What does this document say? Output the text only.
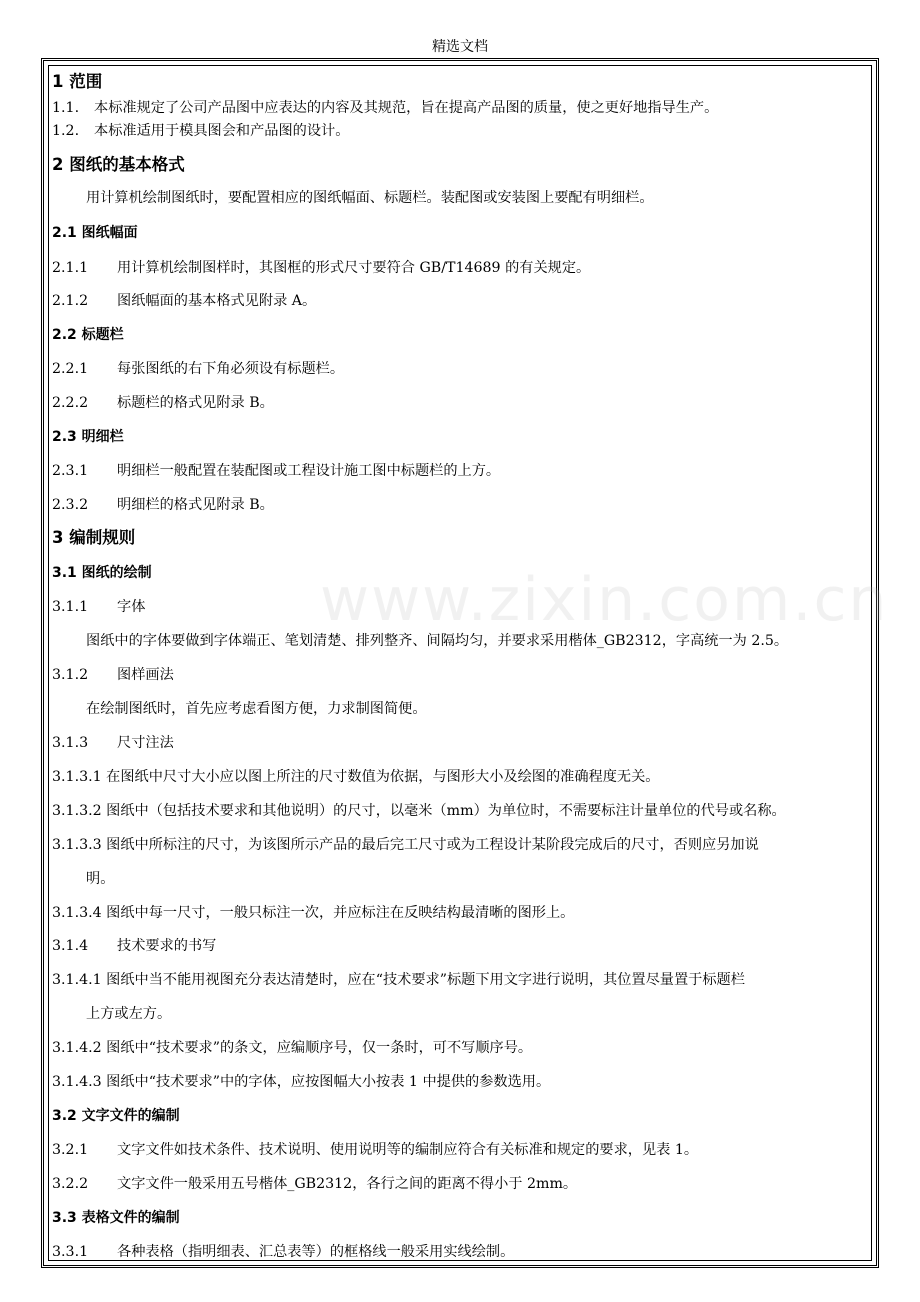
精选文档
www.zixin.com.cn
1 范围
1.1. 本标准规定了公司产品图中应表达的内容及其规范，旨在提高产品图的质量，使之更好地指导生产。
1.2. 本标准适用于模具图会和产品图的设计。
2 图纸的基本格式
用计算机绘制图纸时，要配置相应的图纸幅面、标题栏。装配图或安装图上要配有明细栏。
2.1 图纸幅面
2.1.1 用计算机绘制图样时，其图框的形式尺寸要符合 GB/T14689 的有关规定。
2.1.2 图纸幅面的基本格式见附录 A。
2.2 标题栏
2.2.1 每张图纸的右下角必须设有标题栏。
2.2.2 标题栏的格式见附录 B。
2.3 明细栏
2.3.1 明细栏一般配置在装配图或工程设计施工图中标题栏的上方。
2.3.2 明细栏的格式见附录 B。
3 编制规则
3.1 图纸的绘制
3.1.1 字体
图纸中的字体要做到字体端正、笔划清楚、排列整齐、间隔均匀，并要求采用楷体_GB2312，字高统一为 2.5。
3.1.2 图样画法
在绘制图纸时，首先应考虑看图方便，力求制图简便。
3.1.3 尺寸注法
3.1.3.1 在图纸中尺寸大小应以图上所注的尺寸数值为依据，与图形大小及绘图的准确程度无关。
3.1.3.2 图纸中（包括技术要求和其他说明）的尺寸，以毫米（mm）为单位时，不需要标注计量单位的代号或名称。
3.1.3.3 图纸中所标注的尺寸，为该图所示产品的最后完工尺寸或为工程设计某阶段完成后的尺寸，否则应另加说
明。
3.1.3.4 图纸中每一尺寸，一般只标注一次，并应标注在反映结构最清晰的图形上。
3.1.4 技术要求的书写
3.1.4.1 图纸中当不能用视图充分表达清楚时，应在“技术要求”标题下用文字进行说明，其位置尽量置于标题栏
上方或左方。
3.1.4.2 图纸中“技术要求”的条文，应编顺序号，仅一条时，可不写顺序号。
3.1.4.3 图纸中“技术要求”中的字体，应按图幅大小按表 1 中提供的参数选用。
3.2 文字文件的编制
3.2.1 文字文件如技术条件、技术说明、使用说明等的编制应符合有关标准和规定的要求，见表 1。
3.2.2 文字文件一般采用五号楷体_GB2312，各行之间的距离不得小于 2mm。
3.3 表格文件的编制
3.3.1 各种表格（指明细表、汇总表等）的框格线一般采用实线绘制。
